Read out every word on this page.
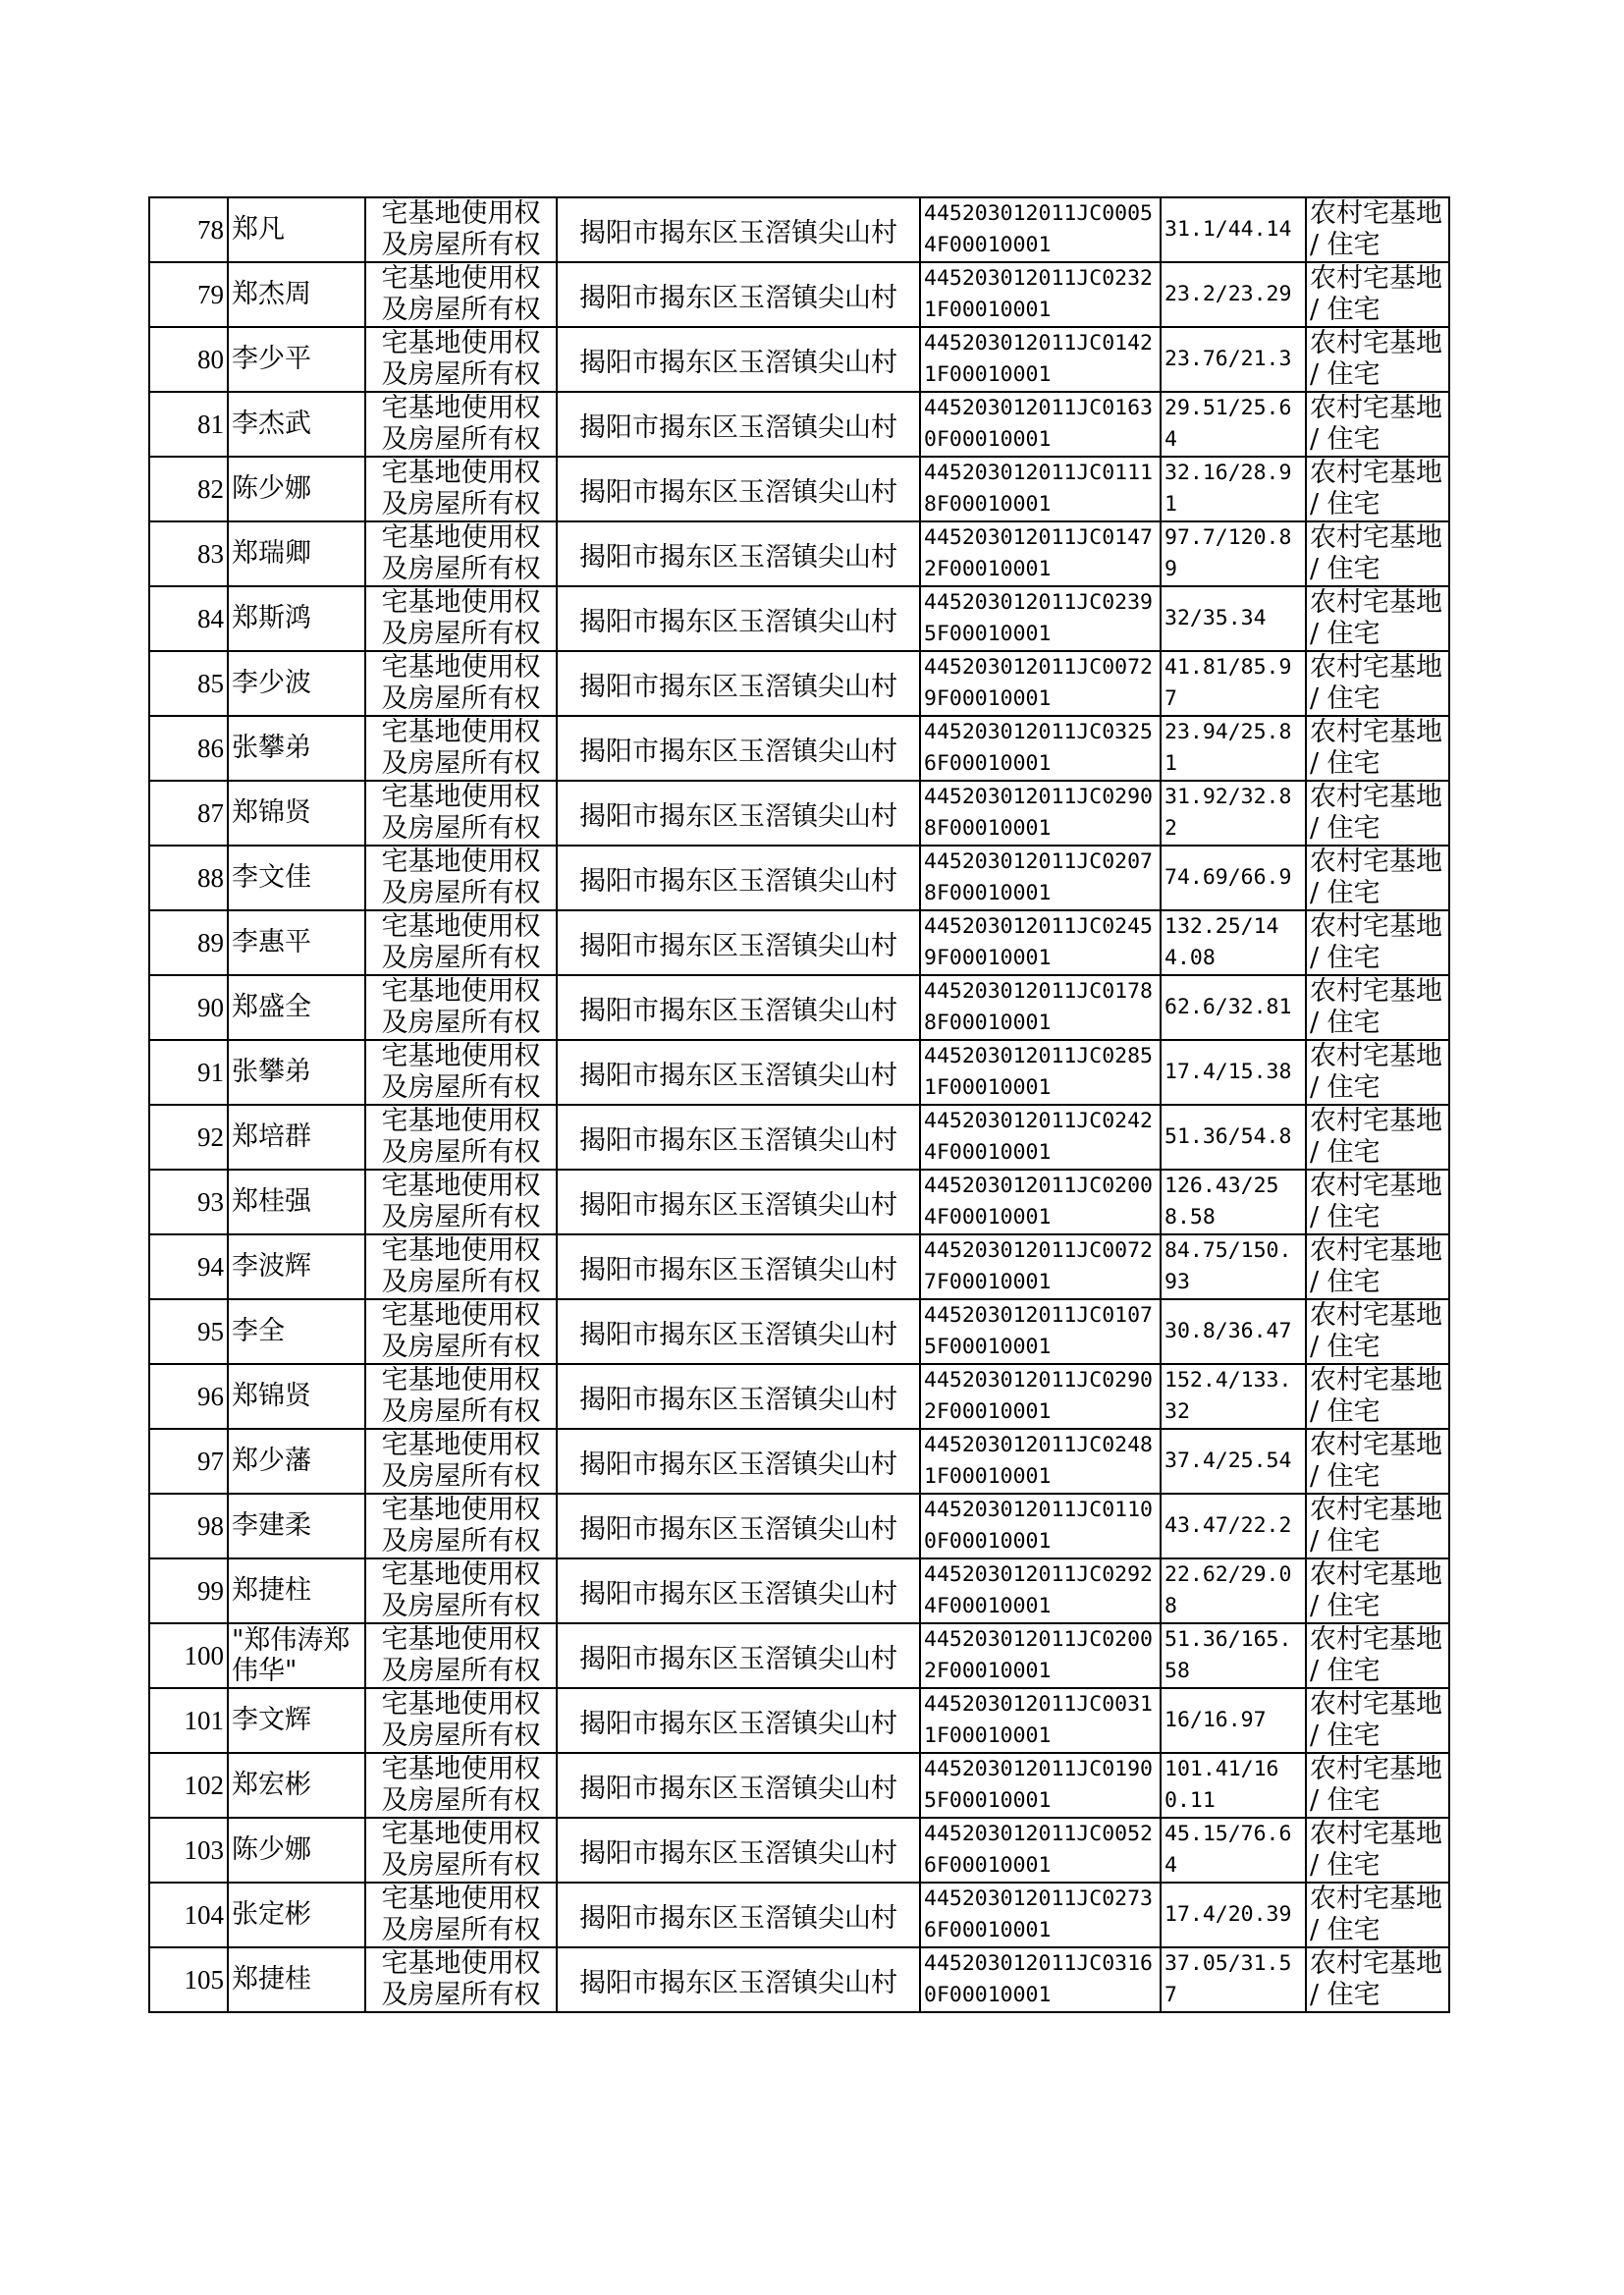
78	郑凡	宅基地使用权及房屋所有权	揭阳市揭东区玉滘镇尖山村	445203012011JC00054F00010001	31.1/44.14	农村宅基地 / 住宅
79	郑杰周	宅基地使用权及房屋所有权	揭阳市揭东区玉滘镇尖山村	445203012011JC02321F00010001	23.2/23.29	农村宅基地 / 住宅
80	李少平	宅基地使用权及房屋所有权	揭阳市揭东区玉滘镇尖山村	445203012011JC01421F00010001	23.76/21.3	农村宅基地 / 住宅
81	李杰武	宅基地使用权及房屋所有权	揭阳市揭东区玉滘镇尖山村	445203012011JC01630F00010001	29.51/25.64	农村宅基地 / 住宅
82	陈少娜	宅基地使用权及房屋所有权	揭阳市揭东区玉滘镇尖山村	445203012011JC01118F00010001	32.16/28.91	农村宅基地 / 住宅
83	郑瑞卿	宅基地使用权及房屋所有权	揭阳市揭东区玉滘镇尖山村	445203012011JC01472F00010001	97.7/120.89	农村宅基地 / 住宅
84	郑斯鸿	宅基地使用权及房屋所有权	揭阳市揭东区玉滘镇尖山村	445203012011JC02395F00010001	32/35.34	农村宅基地 / 住宅
85	李少波	宅基地使用权及房屋所有权	揭阳市揭东区玉滘镇尖山村	445203012011JC00729F00010001	41.81/85.97	农村宅基地 / 住宅
86	张攀弟	宅基地使用权及房屋所有权	揭阳市揭东区玉滘镇尖山村	445203012011JC03256F00010001	23.94/25.81	农村宅基地 / 住宅
87	郑锦贤	宅基地使用权及房屋所有权	揭阳市揭东区玉滘镇尖山村	445203012011JC02908F00010001	31.92/32.82	农村宅基地 / 住宅
88	李文佳	宅基地使用权及房屋所有权	揭阳市揭东区玉滘镇尖山村	445203012011JC02078F00010001	74.69/66.9	农村宅基地 / 住宅
89	李惠平	宅基地使用权及房屋所有权	揭阳市揭东区玉滘镇尖山村	445203012011JC02459F00010001	132.25/144.08	农村宅基地 / 住宅
90	郑盛全	宅基地使用权及房屋所有权	揭阳市揭东区玉滘镇尖山村	445203012011JC01788F00010001	62.6/32.81	农村宅基地 / 住宅
91	张攀弟	宅基地使用权及房屋所有权	揭阳市揭东区玉滘镇尖山村	445203012011JC02851F00010001	17.4/15.38	农村宅基地 / 住宅
92	郑培群	宅基地使用权及房屋所有权	揭阳市揭东区玉滘镇尖山村	445203012011JC02424F00010001	51.36/54.8	农村宅基地 / 住宅
93	郑桂强	宅基地使用权及房屋所有权	揭阳市揭东区玉滘镇尖山村	445203012011JC02004F00010001	126.43/258.58	农村宅基地 / 住宅
94	李波辉	宅基地使用权及房屋所有权	揭阳市揭东区玉滘镇尖山村	445203012011JC00727F00010001	84.75/150.93	农村宅基地 / 住宅
95	李全	宅基地使用权及房屋所有权	揭阳市揭东区玉滘镇尖山村	445203012011JC01075F00010001	30.8/36.47	农村宅基地 / 住宅
96	郑锦贤	宅基地使用权及房屋所有权	揭阳市揭东区玉滘镇尖山村	445203012011JC02902F00010001	152.4/133.32	农村宅基地 / 住宅
97	郑少藩	宅基地使用权及房屋所有权	揭阳市揭东区玉滘镇尖山村	445203012011JC02481F00010001	37.4/25.54	农村宅基地 / 住宅
98	李建柔	宅基地使用权及房屋所有权	揭阳市揭东区玉滘镇尖山村	445203012011JC01100F00010001	43.47/22.2	农村宅基地 / 住宅
99	郑捷柱	宅基地使用权及房屋所有权	揭阳市揭东区玉滘镇尖山村	445203012011JC02924F00010001	22.62/29.08	农村宅基地 / 住宅
100	"郑伟涛郑伟华"	宅基地使用权及房屋所有权	揭阳市揭东区玉滘镇尖山村	445203012011JC02002F00010001	51.36/165.58	农村宅基地 / 住宅
101	李文辉	宅基地使用权及房屋所有权	揭阳市揭东区玉滘镇尖山村	445203012011JC00311F00010001	16/16.97	农村宅基地 / 住宅
102	郑宏彬	宅基地使用权及房屋所有权	揭阳市揭东区玉滘镇尖山村	445203012011JC01905F00010001	101.41/160.11	农村宅基地 / 住宅
103	陈少娜	宅基地使用权及房屋所有权	揭阳市揭东区玉滘镇尖山村	445203012011JC00526F00010001	45.15/76.64	农村宅基地 / 住宅
104	张定彬	宅基地使用权及房屋所有权	揭阳市揭东区玉滘镇尖山村	445203012011JC02736F00010001	17.4/20.39	农村宅基地 / 住宅
105	郑捷桂	宅基地使用权及房屋所有权	揭阳市揭东区玉滘镇尖山村	445203012011JC03160F00010001	37.05/31.57	农村宅基地 / 住宅
